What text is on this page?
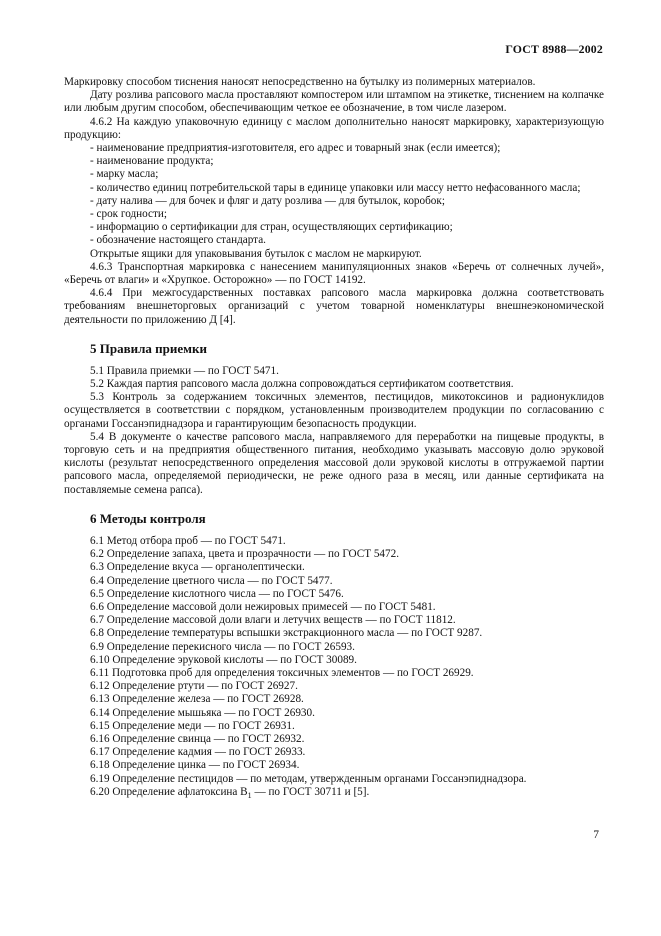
ГОСТ 8988—2002

Маркировку способом тиснения наносят непосредственно на бутылку из полимерных материалов.

Дату розлива рапсового масла проставляют компостером или штампом на этикетке, тиснением на колпачке или любым другим способом, обеспечивающим четкое ее обозначение, в том числе лазером.

4.6.2 На каждую упаковочную единицу с маслом дополнительно наносят маркировку, характеризующую продукцию:

- наименование предприятия-изготовителя, его адрес и товарный знак (если имеется);

- наименование продукта;

- марку масла;

- количество единиц потребительской тары в единице упаковки или массу нетто нефасованного масла;

- дату налива — для бочек и фляг и дату розлива — для бутылок, коробок;

- срок годности;

- информацию о сертификации для стран, осуществляющих сертификацию;

- обозначение настоящего стандарта.

Открытые ящики для упаковывания бутылок с маслом не маркируют.

4.6.3 Транспортная маркировка с нанесением манипуляционных знаков «Беречь от солнечных лучей», «Беречь от влаги» и «Хрупкое. Осторожно» — по ГОСТ 14192.

4.6.4 При межгосударственных поставках рапсового масла маркировка должна соответствовать требованиям внешнеторговых организаций с учетом товарной номенклатуры внешнеэкономической деятельности по приложению Д [4].

5 Правила приемки

5.1 Правила приемки — по ГОСТ 5471.

5.2 Каждая партия рапсового масла должна сопровождаться сертификатом соответствия.

5.3 Контроль за содержанием токсичных элементов, пестицидов, микотоксинов и радионуклидов осуществляется в соответствии с порядком, установленным производителем продукции по согласованию с органами Госсанэпиднадзора и гарантирующим безопасность продукции.

5.4 В документе о качестве рапсового масла, направляемого для переработки на пищевые продукты, в торговую сеть и на предприятия общественного питания, необходимо указывать массовую долю эруковой кислоты (результат непосредственного определения массовой доли эруковой кислоты в отгружаемой партии рапсового масла, определяемой периодически, не реже одного раза в месяц, или данные сертификата на поставляемые семена рапса).

6 Методы контроля

6.1 Метод отбора проб — по ГОСТ 5471.

6.2 Определение запаха, цвета и прозрачности — по ГОСТ 5472.

6.3 Определение вкуса — органолептически.

6.4 Определение цветного числа — по ГОСТ 5477.

6.5 Определение кислотного числа — по ГОСТ 5476.

6.6 Определение массовой доли нежировых примесей — по ГОСТ 5481.

6.7 Определение массовой доли влаги и летучих веществ — по ГОСТ 11812.

6.8 Определение температуры вспышки экстракционного масла — по ГОСТ 9287.

6.9 Определение перекисного числа — по ГОСТ 26593.

6.10 Определение эруковой кислоты — по ГОСТ 30089.

6.11 Подготовка проб для определения токсичных элементов — по ГОСТ 26929.

6.12 Определение ртути — по ГОСТ 26927.

6.13 Определение железа — по ГОСТ 26928.

6.14 Определение мышьяка — по ГОСТ 26930.

6.15 Определение меди — по ГОСТ 26931.

6.16 Определение свинца — по ГОСТ 26932.

6.17 Определение кадмия — по ГОСТ 26933.

6.18 Определение цинка — по ГОСТ 26934.

6.19 Определение пестицидов — по методам, утвержденным органами Госсанэпиднадзора.

6.20 Определение афлатоксина $B_1$ — по ГОСТ 30711 и [5].

7
